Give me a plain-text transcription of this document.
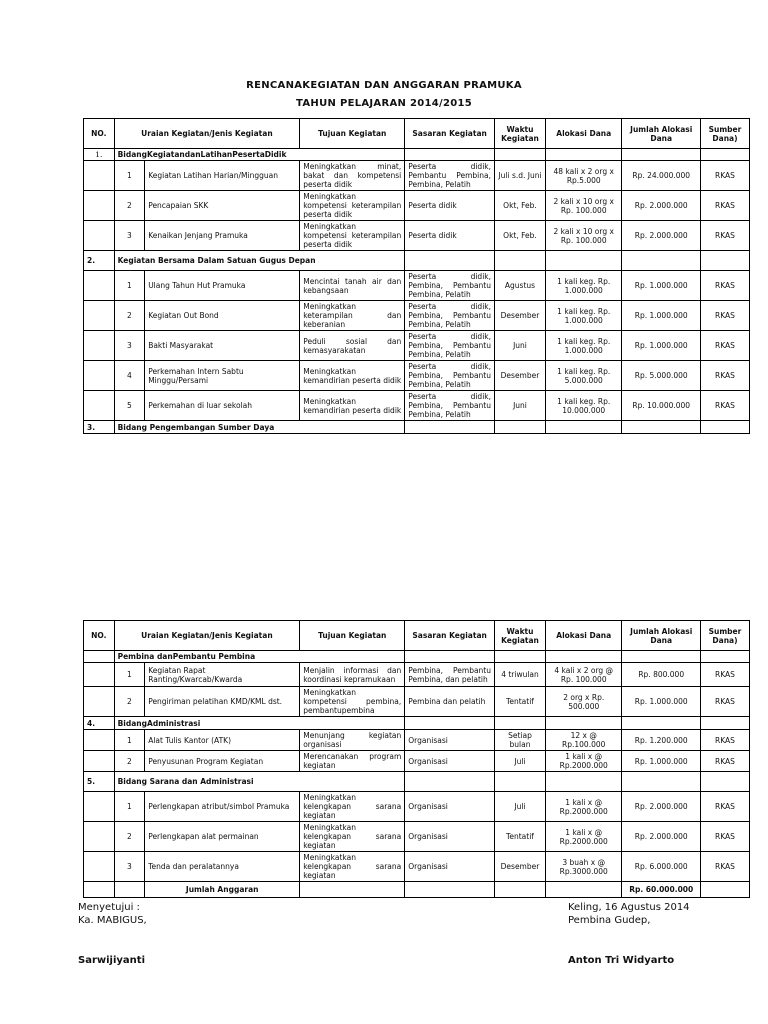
RENCANAKEGIATAN DAN ANGGARAN PRAMUKA
TAHUN PELAJARAN 2014/2015
NO.	Uraian Kegiatan/Jenis Kegiatan		Tujuan Kegiatan	Sasaran Kegiatan	Waktu Kegiatan	Alokasi Dana	Jumlah Alokasi Dana	Sumber Dana)
1.	BidangKegiatandanLatihanPesertaDidik							
	1	Kegiatan Latihan Harian/Mingguan	Meningkatkan minat, bakat dan kompetensi peserta didik	Peserta didik, Pembantu Pembina, Pembina, Pelatih	Juli s.d. Juni	48 kali x 2 org x Rp.5.000	Rp. 24.000.000	RKAS
	2	Pencapaian SKK	Meningkatkan kompetensi keterampilan peserta didik	Peserta didik	Okt, Feb.	2 kali x 10 org x Rp. 100.000	Rp. 2.000.000	RKAS
	3	Kenaikan Jenjang Pramuka	Meningkatkan kompetensi keterampilan peserta didik	Peserta didik	Okt, Feb.	2 kali x 10 org x Rp. 100.000	Rp. 2.000.000	RKAS
2.	Kegiatan Bersama Dalam Satuan Gugus Depan							
	1	Ulang Tahun Hut Pramuka	Mencintai tanah air dan kebangsaan	Peserta didik, Pembina, Pembantu Pembina, Pelatih	Agustus	1 kali keg. Rp. 1.000.000	Rp. 1.000.000	RKAS
	2	Kegiatan Out Bond	Meningkatkan keterampilan dan keberanian	Peserta didik, Pembina, Pembantu Pembina, Pelatih	Desember	1 kali keg. Rp. 1.000.000	Rp. 1.000.000	RKAS
	3	Bakti Masyarakat	Peduli sosial dan kemasyarakatan	Peserta didik, Pembina, Pembantu Pembina, Pelatih	Juni	1 kali keg. Rp. 1.000.000	Rp. 1.000.000	RKAS
	4	Perkemahan Intern Sabtu Minggu/Persami	Meningkatkan kemandirian peserta didik	Peserta didik, Pembina, Pembantu Pembina, Pelatih	Desember	1 kali keg. Rp. 5.000.000	Rp. 5.000.000	RKAS
	5	Perkemahan di luar sekolah	Meningkatkan kemandirian peserta didik	Peserta didik, Pembina, Pembantu Pembina, Pelatih	Juni	1 kali keg. Rp. 10.000.000	Rp. 10.000.000	RKAS
3.	Bidang Pengembangan Sumber Daya							
NO.	Uraian Kegiatan/Jenis Kegiatan		Tujuan Kegiatan	Sasaran Kegiatan	Waktu Kegiatan	Alokasi Dana	Jumlah Alokasi Dana	Sumber Dana)
	Pembina danPembantu Pembina							
	1	Kegiatan Rapat Ranting/Kwarcab/Kwarda	Menjalin informasi dan koordinasi kepramukaan	Pembina, Pembantu Pembina, dan pelatih	4 triwulan	4 kali x 2 org @ Rp. 100.000	Rp. 800.000	RKAS
	2	Pengiriman pelatihan KMD/KML dst.	Meningkatkan kompetensi pembina, pembantupembina	Pembina dan pelatih	Tentatif	2 org x Rp. 500.000	Rp. 1.000.000	RKAS
4.	BidangAdministrasi							
	1	Alat Tulis Kantor (ATK)	Menunjang kegiatan organisasi	Organisasi	Setiap bulan	12 x @ Rp.100.000	Rp. 1.200.000	RKAS
	2	Penyusunan Program Kegiatan	Merencanakan program kegiatan	Organisasi	Juli	1 kali x @ Rp.2000.000	Rp. 1.000.000	RKAS
5.	Bidang Sarana dan Administrasi							
	1	Perlengkapan atribut/simbol Pramuka	Meningkatkan kelengkapan sarana kegiatan	Organisasi	Juli	1 kali x @ Rp.2000.000	Rp. 2.000.000	RKAS
	2	Perlengkapan alat permainan	Meningkatkan kelengkapan sarana kegiatan	Organisasi	Tentatif	1 kali x @ Rp.2000.000	Rp. 2.000.000	RKAS
	3	Tenda dan peralatannya	Meningkatkan kelengkapan sarana kegiatan	Organisasi	Desember	3 buah x @ Rp.3000.000	Rp. 6.000.000	RKAS
		Jumlah Anggaran					Rp. 60.000.000	
Menyetujui :
Ka. MABIGUS,
Sarwijiyanti
Keling, 16 Agustus 2014
Pembina Gudep,
Anton Tri Widyarto
